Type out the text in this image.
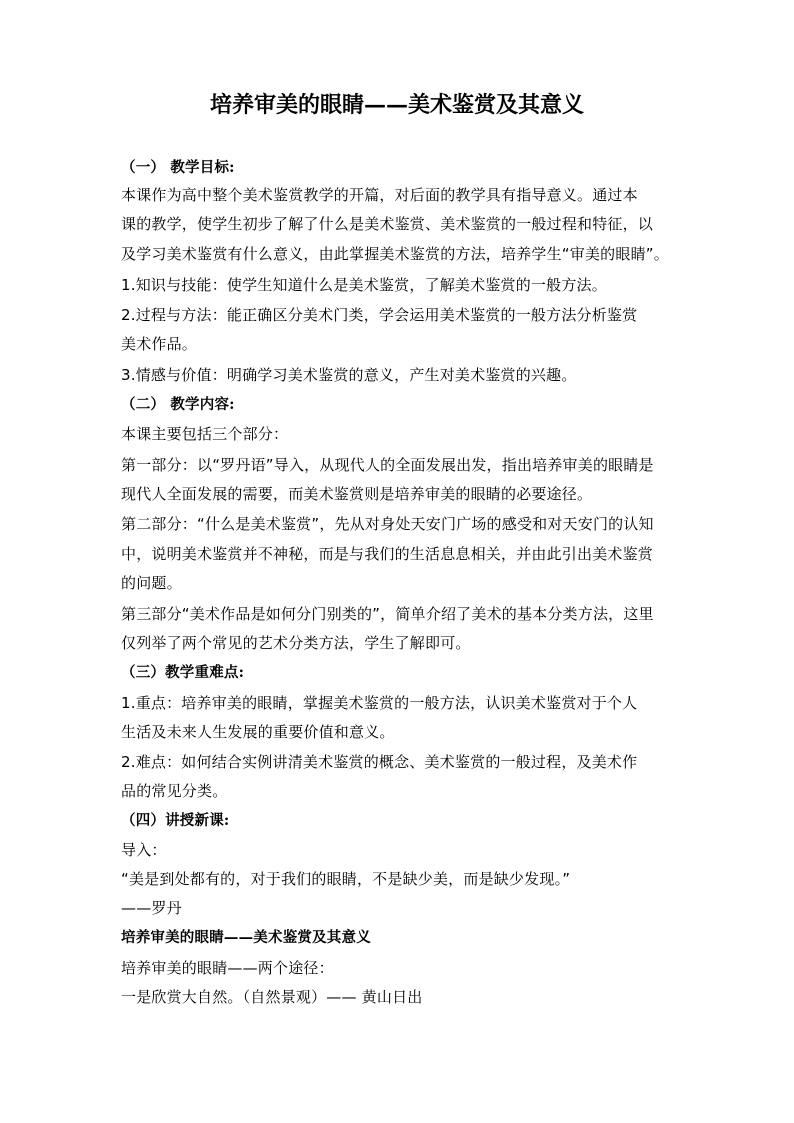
培养审美的眼睛——美术鉴赏及其意义
（一） 教学目标:
本课作为高中整个美术鉴赏教学的开篇，对后面的教学具有指导意义。通过本
课的教学，使学生初步了解了什么是美术鉴赏、美术鉴赏的一般过程和特征，以
及学习美术鉴赏有什么意义，由此掌握美术鉴赏的方法，培养学生“审美的眼睛”。
1.知识与技能：使学生知道什么是美术鉴赏，了解美术鉴赏的一般方法。
2.过程与方法：能正确区分美术门类，学会运用美术鉴赏的一般方法分析鉴赏
美术作品。
3.情感与价值：明确学习美术鉴赏的意义，产生对美术鉴赏的兴趣。
（二） 教学内容:
本课主要包括三个部分：
第一部分：以“罗丹语”导入，从现代人的全面发展出发，指出培养审美的眼睛是
现代人全面发展的需要，而美术鉴赏则是培养审美的眼睛的必要途径。
第二部分：“什么是美术鉴赏”，先从对身处天安门广场的感受和对天安门的认知
中，说明美术鉴赏并不神秘，而是与我们的生活息息相关，并由此引出美术鉴赏
的问题。
第三部分“美术作品是如何分门别类的”，简单介绍了美术的基本分类方法，这里
仅列举了两个常见的艺术分类方法，学生了解即可。
（三）教学重难点:
1.重点：培养审美的眼睛，掌握美术鉴赏的一般方法，认识美术鉴赏对于个人
生活及未来人生发展的重要价值和意义。
2.难点：如何结合实例讲清美术鉴赏的概念、美术鉴赏的一般过程，及美术作
品的常见分类。
（四）讲授新课:
导入：
“美是到处都有的，对于我们的眼睛，不是缺少美，而是缺少发现。”
——罗丹
培养审美的眼睛——美术鉴赏及其意义
培养审美的眼睛——两个途径：
一是欣赏大自然。（自然景观）—— 黄山日出
